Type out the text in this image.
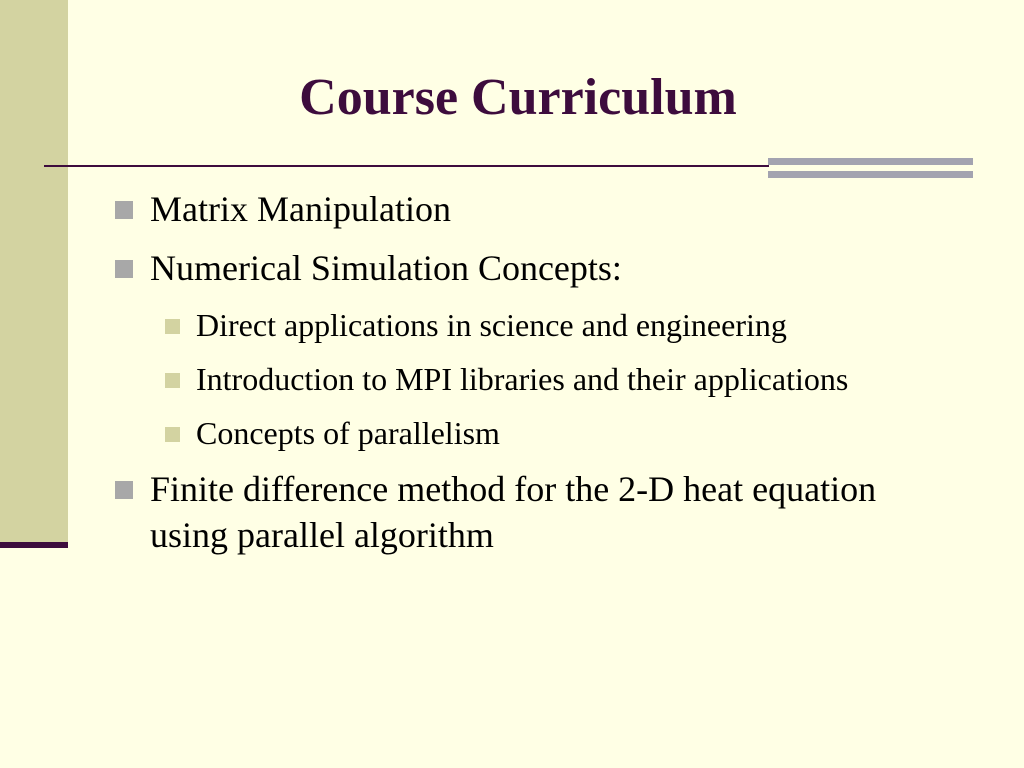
Course Curriculum
Matrix Manipulation
Numerical Simulation Concepts:
Direct applications in science and engineering
Introduction to MPI libraries and their applications
Concepts of parallelism
Finite difference method for the 2-D heat equation using parallel algorithm
